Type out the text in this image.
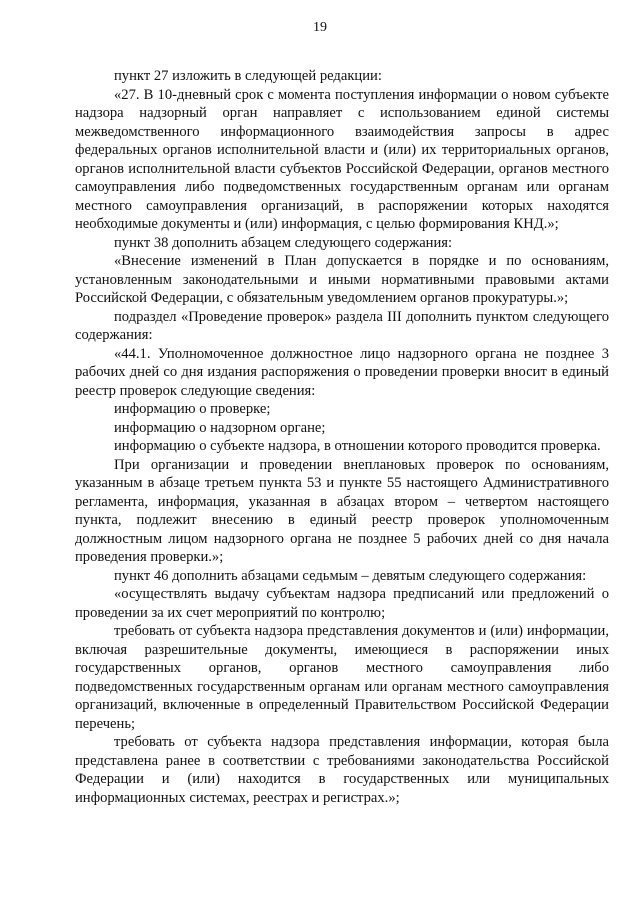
19

пункт 27 изложить в следующей редакции:

«27. В 10-дневный срок с момента поступления информации о новом субъекте надзора надзорный орган направляет с использованием единой системы межведомственного информационного взаимодействия запросы в адрес федеральных органов исполнительной власти и (или) их территориальных органов, органов исполнительной власти субъектов Российской Федерации, органов местного самоуправления либо подведомственных государственным органам или органам местного самоуправления организаций, в распоряжении которых находятся необходимые документы и (или) информация, с целью формирования КНД.»;

пункт 38 дополнить абзацем следующего содержания:

«Внесение изменений в План допускается в порядке и по основаниям, установленным законодательными и иными нормативными правовыми актами Российской Федерации, с обязательным уведомлением органов прокуратуры.»;

подраздел «Проведение проверок» раздела III дополнить пунктом следующего содержания:

«44.1. Уполномоченное должностное лицо надзорного органа не позднее 3 рабочих дней со дня издания распоряжения о проведении проверки вносит в единый реестр проверок следующие сведения:

информацию о проверке;

информацию о надзорном органе;

информацию о субъекте надзора, в отношении которого проводится проверка.

При организации и проведении внеплановых проверок по основаниям, указанным в абзаце третьем пункта 53 и пункте 55 настоящего Административного регламента, информация, указанная в абзацах втором – четвертом настоящего пункта, подлежит внесению в единый реестр проверок уполномоченным должностным лицом надзорного органа не позднее 5 рабочих дней со дня начала проведения проверки.»;

пункт 46 дополнить абзацами седьмым – девятым следующего содержания:

«осуществлять выдачу субъектам надзора предписаний или предложений о проведении за их счет мероприятий по контролю;

требовать от субъекта надзора представления документов и (или) информации, включая разрешительные документы, имеющиеся в распоряжении иных государственных органов, органов местного самоуправления либо подведомственных государственным органам или органам местного самоуправления организаций, включенные в определенный Правительством Российской Федерации перечень;

требовать от субъекта надзора представления информации, которая была представлена ранее в соответствии с требованиями законодательства Российской Федерации и (или) находится в государственных или муниципальных информационных системах, реестрах и регистрах.»;
